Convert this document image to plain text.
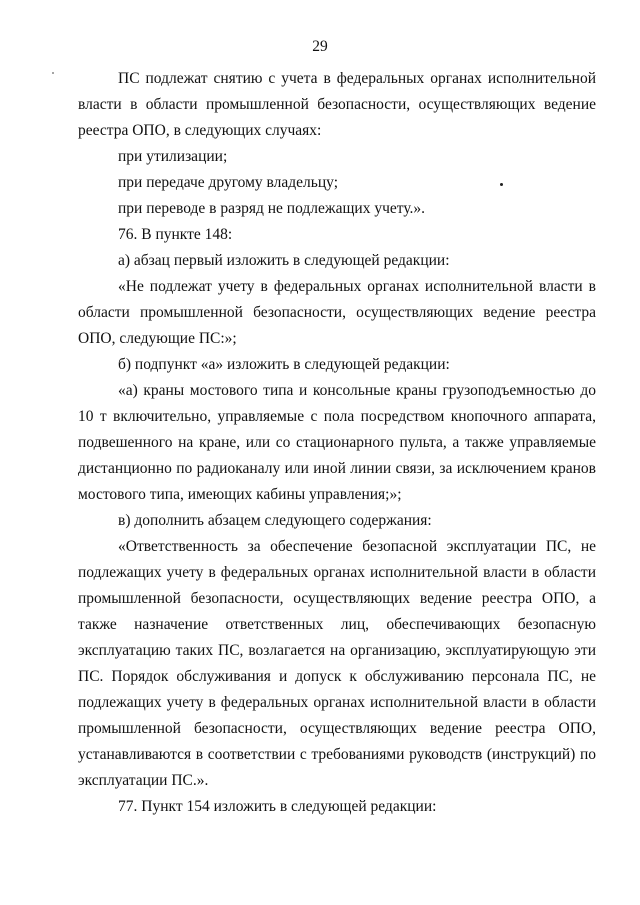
29

ПС подлежат снятию с учета в федеральных органах исполнительной власти в области промышленной безопасности, осуществляющих ведение реестра ОПО, в следующих случаях:

при утилизации;

при передаче другому владельцу;

при переводе в разряд не подлежащих учету.».

76. В пункте 148:

а) абзац первый изложить в следующей редакции:

«Не подлежат учету в федеральных органах исполнительной власти в области промышленной безопасности, осуществляющих ведение реестра ОПО, следующие ПС:»;

б) подпункт «а» изложить в следующей редакции:

«а) краны мостового типа и консольные краны грузоподъемностью до 10 т включительно, управляемые с пола посредством кнопочного аппарата, подвешенного на кране, или со стационарного пульта, а также управляемые дистанционно по радиоканалу или иной линии связи, за исключением кранов мостового типа, имеющих кабины управления;»;

в) дополнить абзацем следующего содержания:

«Ответственность за обеспечение безопасной эксплуатации ПС, не подлежащих учету в федеральных органах исполнительной власти в области промышленной безопасности, осуществляющих ведение реестра ОПО, а также назначение ответственных лиц, обеспечивающих безопасную эксплуатацию таких ПС, возлагается на организацию, эксплуатирующую эти ПС. Порядок обслуживания и допуск к обслуживанию персонала ПС, не подлежащих учету в федеральных органах исполнительной власти в области промышленной безопасности, осуществляющих ведение реестра ОПО, устанавливаются в соответствии с требованиями руководств (инструкций) по эксплуатации ПС.».

77. Пункт 154 изложить в следующей редакции:
